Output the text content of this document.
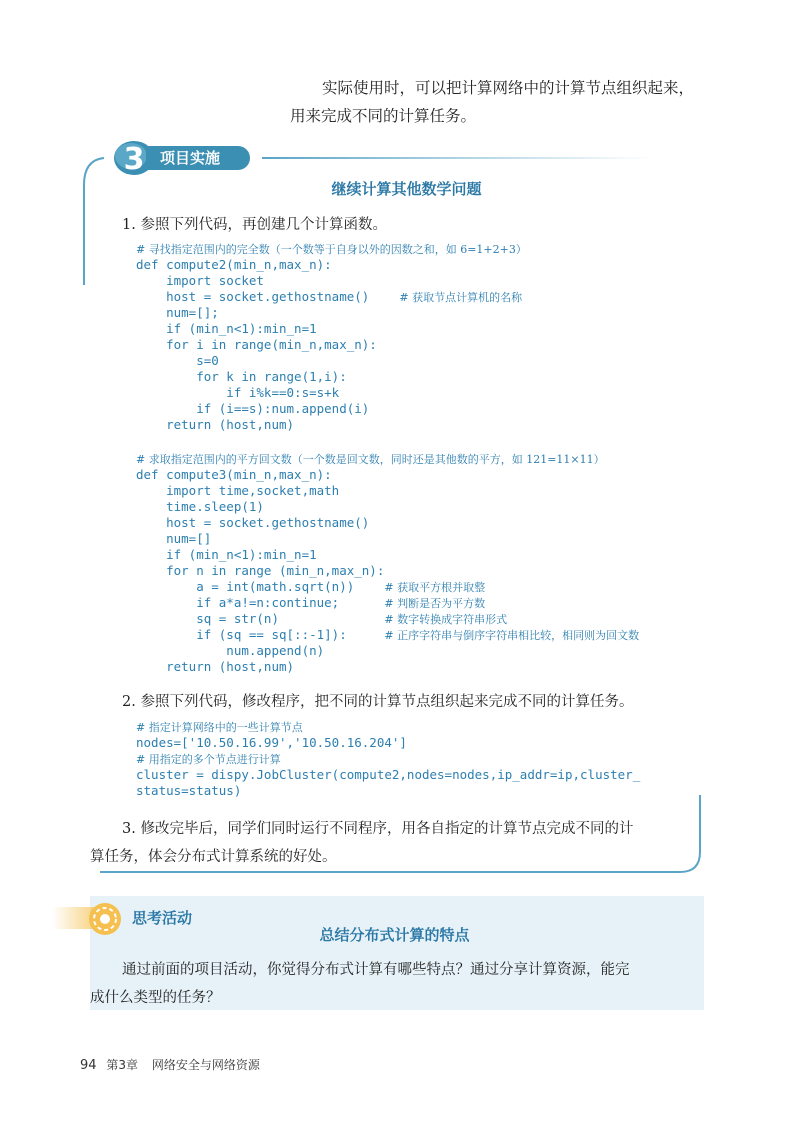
实际使用时，可以把计算网络中的计算节点组织起来，
用来完成不同的计算任务。
3	项目实施
继续计算其他数学问题
1. 参照下列代码，再创建几个计算函数。
# 寻找指定范围内的完全数（一个数等于自身以外的因数之和，如 6=1+2+3）
def compute2(min_n,max_n):
import socket
host = socket.gethostname()    # 获取节点计算机的名称
num=[];
if (min_n<1):min_n=1
for i in range(min_n,max_n):
s=0
for k in range(1,i):
if i%k==0:s=s+k
if (i==s):num.append(i)
return (host,num)
# 求取指定范围内的平方回文数（一个数是回文数，同时还是其他数的平方，如 121=11×11）
def compute3(min_n,max_n):
import time,socket,math
time.sleep(1)
host = socket.gethostname()
num=[]
if (min_n<1):min_n=1
for n in range (min_n,max_n):
a = int(math.sqrt(n))    # 获取平方根并取整
if a*a!=n:continue;      # 判断是否为平方数
sq = str(n)              # 数字转换成字符串形式
if (sq == sq[::-1]):     # 正序字符串与倒序字符串相比较，相同则为回文数
num.append(n)
return (host,num)
2. 参照下列代码，修改程序，把不同的计算节点组织起来完成不同的计算任务。
# 指定计算网络中的一些计算节点
nodes=['10.50.16.99','10.50.16.204']
# 用指定的多个节点进行计算
cluster = dispy.JobCluster(compute2,nodes=nodes,ip_addr=ip,cluster_
status=status)
3. 修改完毕后，同学们同时运行不同程序，用各自指定的计算节点完成不同的计
算任务，体会分布式计算系统的好处。
思考活动
总结分布式计算的特点
通过前面的项目活动，你觉得分布式计算有哪些特点？通过分享计算资源，能完
成什么类型的任务？
94 第3章 网络安全与网络资源
